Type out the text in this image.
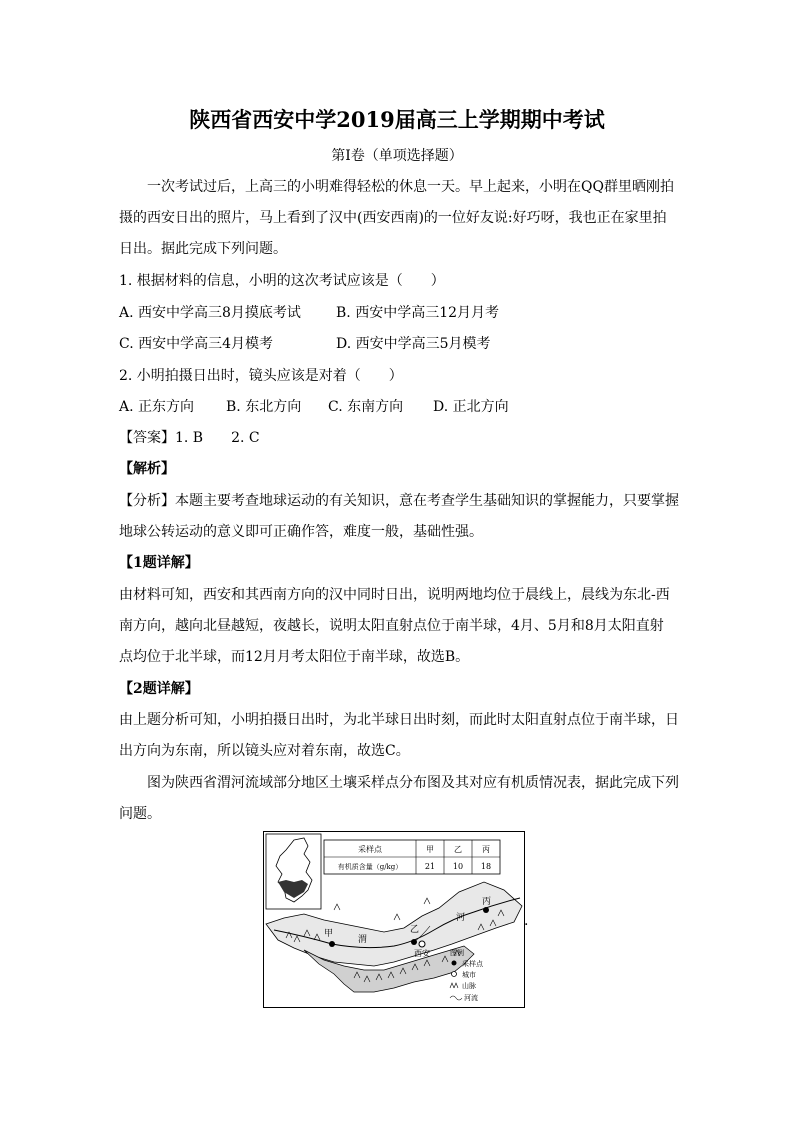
陕西省西安中学2019届高三上学期期中考试
第Ⅰ卷（单项选择题）
一次考试过后，上高三的小明难得轻松的休息一天。早上起来，小明在QQ群里晒刚拍
摄的西安日出的照片，马上看到了汉中(西安西南)的一位好友说:好巧呀，我也正在家里拍
日出。据此完成下列问题。
1. 根据材料的信息，小明的这次考试应该是（　　）
A. 西安中学高三8月摸底考试	B. 西安中学高三12月月考
C. 西安中学高三4月模考	D. 西安中学高三5月模考
2. 小明拍摄日出时，镜头应该是对着（　　）
A. 正东方向 B. 东北方向 C. 东南方向 D. 正北方向
【答案】1. B　　2. C
【解析】
【分析】本题主要考查地球运动的有关知识，意在考查学生基础知识的掌握能力，只要掌握
地球公转运动的意义即可正确作答，难度一般，基础性强。
【1题详解】
由材料可知，西安和其西南方向的汉中同时日出，说明两地均位于晨线上，晨线为东北-西
南方向，越向北昼越短，夜越长，说明太阳直射点位于南半球，4月、5月和8月太阳直射
点均位于北半球，而12月月考太阳位于南半球，故选B。
【2题详解】
由上题分析可知，小明拍摄日出时，为北半球日出时刻，而此时太阳直射点位于南半球，日
出方向为东南，所以镜头应对着东南，故选C。
图为陕西省渭河流域部分地区土壤采样点分布图及其对应有机质情况表，据此完成下列
问题。
采样点	甲	乙	丙
有机质含量（g/kg）	21 10 18
甲	乙
丙
西安
渭
河
图例
采样点
城市
山脉
河流
.
